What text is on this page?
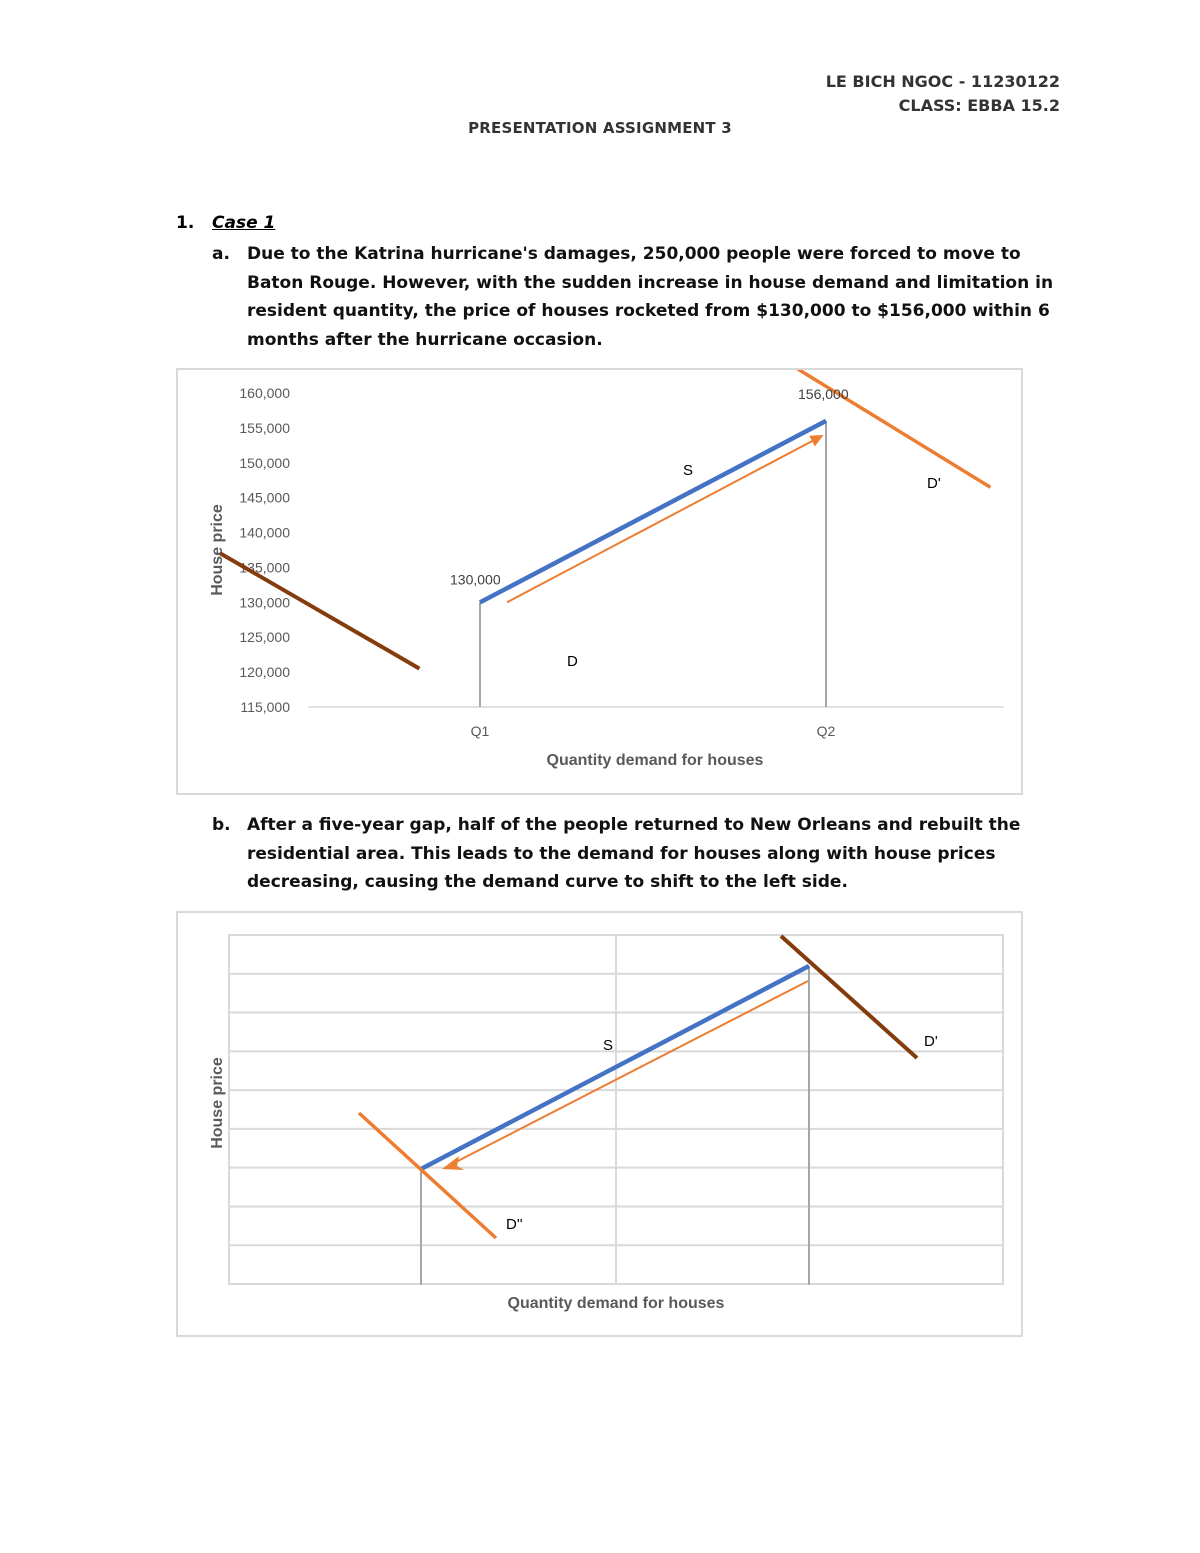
LE BICH NGOC - 11230122
CLASS: EBBA 15.2
PRESENTATION ASSIGNMENT 3
1. Case 1
a. Due to the Katrina hurricane's damages, 250,000 people were forced to move to Baton Rouge. However, with the sudden increase in house demand and limitation in resident quantity, the price of houses rocketed from $130,000 to $156,000 within 6 months after the hurricane occasion.
House price
160,000
155,000
150,000
145,000
140,000
135,000
130,000
125,000
120,000
115,000
130,000
156,000
S
D
D'
Q1	Q2
Quantity demand for houses
b. After a five-year gap, half of the people returned to New Orleans and rebuilt the residential area. This leads to the demand for houses along with house prices decreasing, causing the demand curve to shift to the left side.
House price
S	D'
D''
Quantity demand for houses
